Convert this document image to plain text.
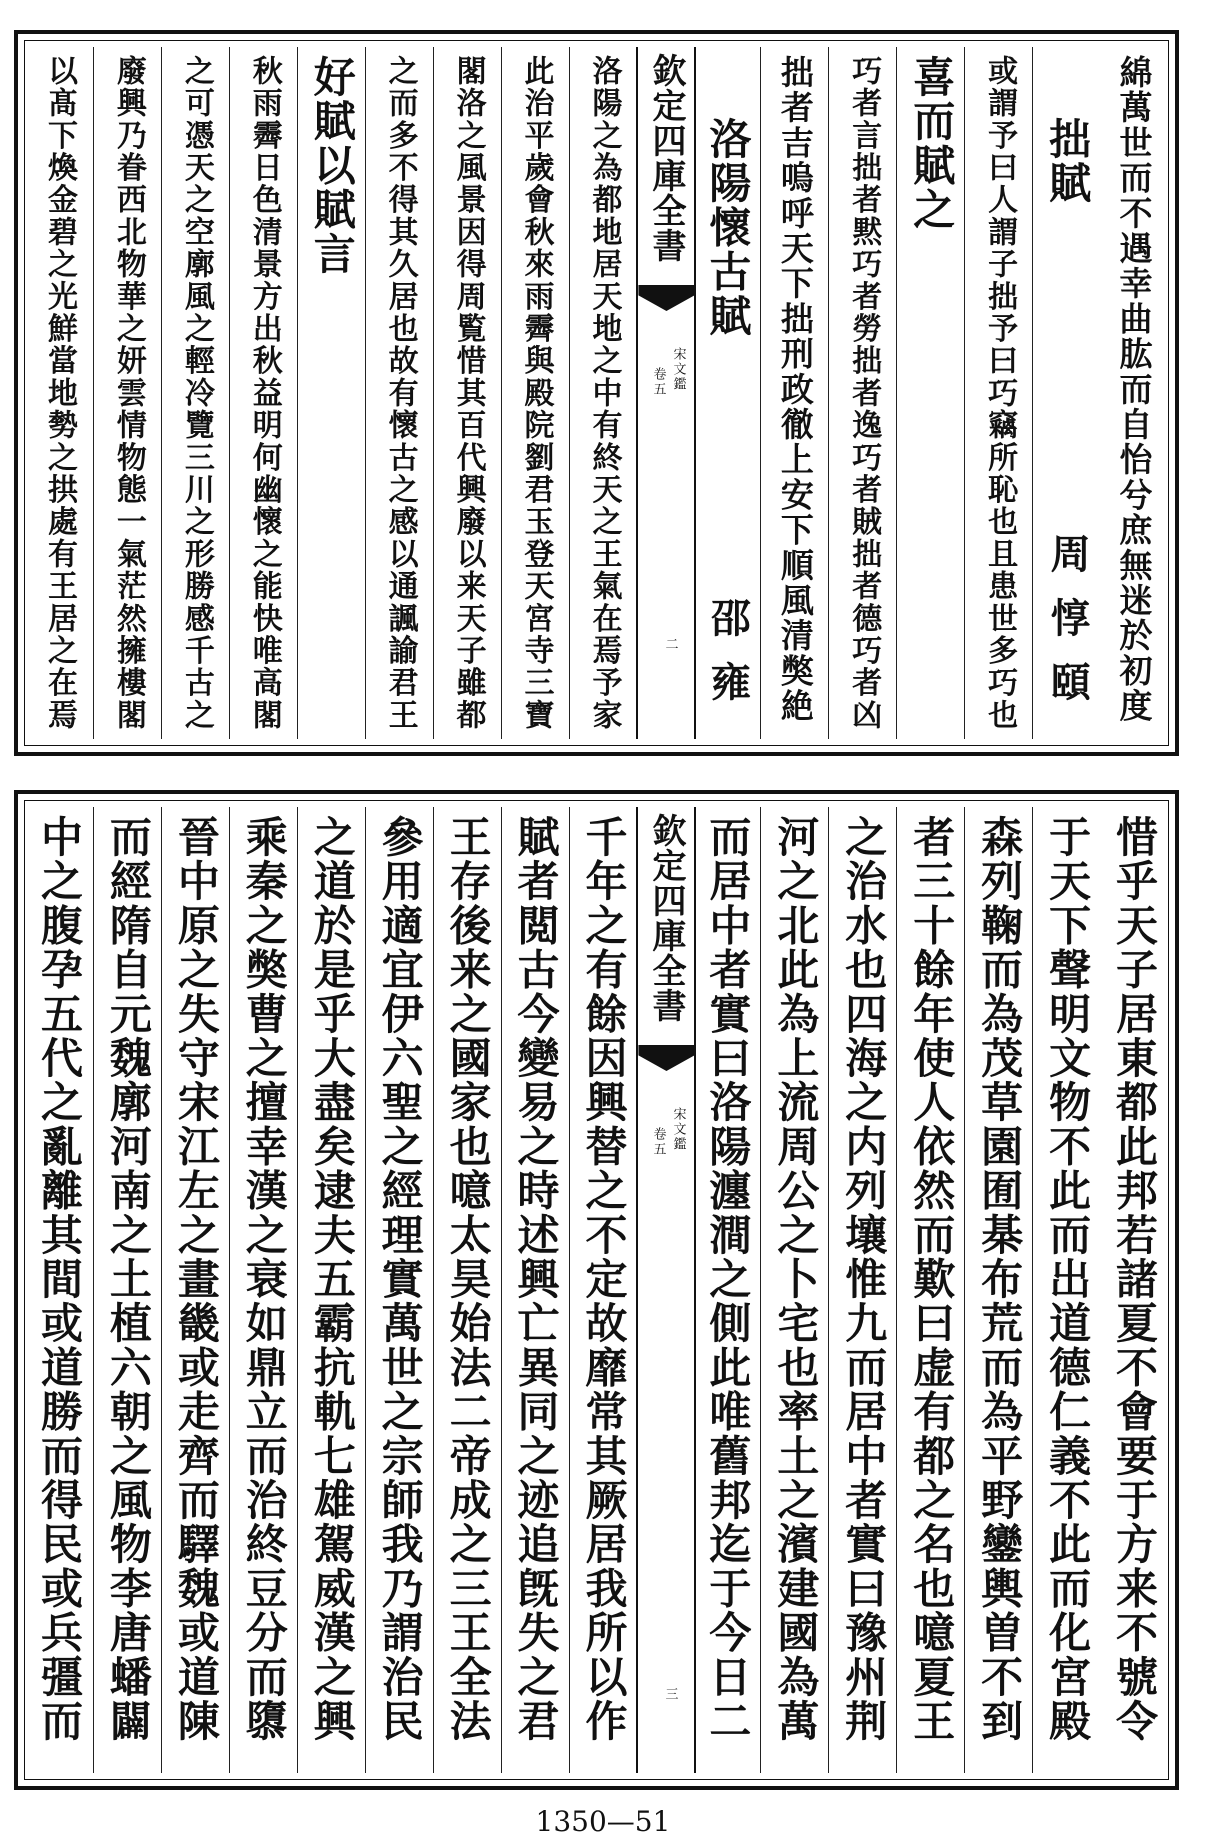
綿萬世而不遇幸曲肱而自怡兮庶無迷於初度
拙賦
周惇頤
或謂予曰人謂子拙予曰巧竊所恥也且患世多巧也
喜而賦之
巧者言拙者黙巧者勞拙者逸巧者賊拙者德巧者凶
拙者吉嗚呼天下拙刑政徹上安下順風清獘絶
洛陽懷古賦
邵雍
洛陽之為都地居天地之中有終天之王氣在焉予家
此治平歲會秋來雨霽與殿院劉君玉登天宮寺三寶
閣洛之風景因得周覧惜其百代興廢以来天子雖都
之而多不得其久居也故有懷古之感以通諷諭君王
好賦以賦言
秋雨霽日色清景方出秋益明何幽懷之能快唯高閣
之可憑天之空廓風之輕冷覽三川之形勝感千古之
廢興乃眷西北物華之妍雲情物態一氣茫然擁樓閣
以髙下煥金碧之光鮮當地勢之拱處有王居之在焉	欽定四庫全書
宋文鑑
卷五
二
惜乎天子居東都此邦若諸夏不會要于方来不號令
于天下聲明文物不此而出道德仁義不此而化宮殿
森列鞠而為茂草園囿棊布荒而為平野鑾輿曽不到
者三十餘年使人依然而歎曰虚有都之名也噫夏王
之治水也四海之内列壤惟九而居中者實曰豫州荆
河之北此為上流周公之卜宅也率土之濱建國為萬
而居中者實曰洛陽瀍澗之側此唯舊邦迄于今日二
千年之有餘因興替之不定故靡常其厥居我所以作
賦者閲古今變易之時述興亡異同之迹追旣失之君
王存後来之國家也噫太昊始法二帝成之三王全法
參用適宜伊六聖之經理實萬世之宗師我乃謂治民
之道於是乎大盡矣逮夫五霸抗軌七雄駕威漢之興
乘秦之獘曹之擅幸漢之衰如鼎立而治終豆分而隳
晉中原之失守宋江左之畫畿或走齊而驛魏或道陳
而經隋自元魏廓河南之土植六朝之風物李唐蟠闢
中之腹孕五代之亂離其間或道勝而得民或兵彊而	欽定四庫全書
宋文鑑
卷五
三
1350—51
